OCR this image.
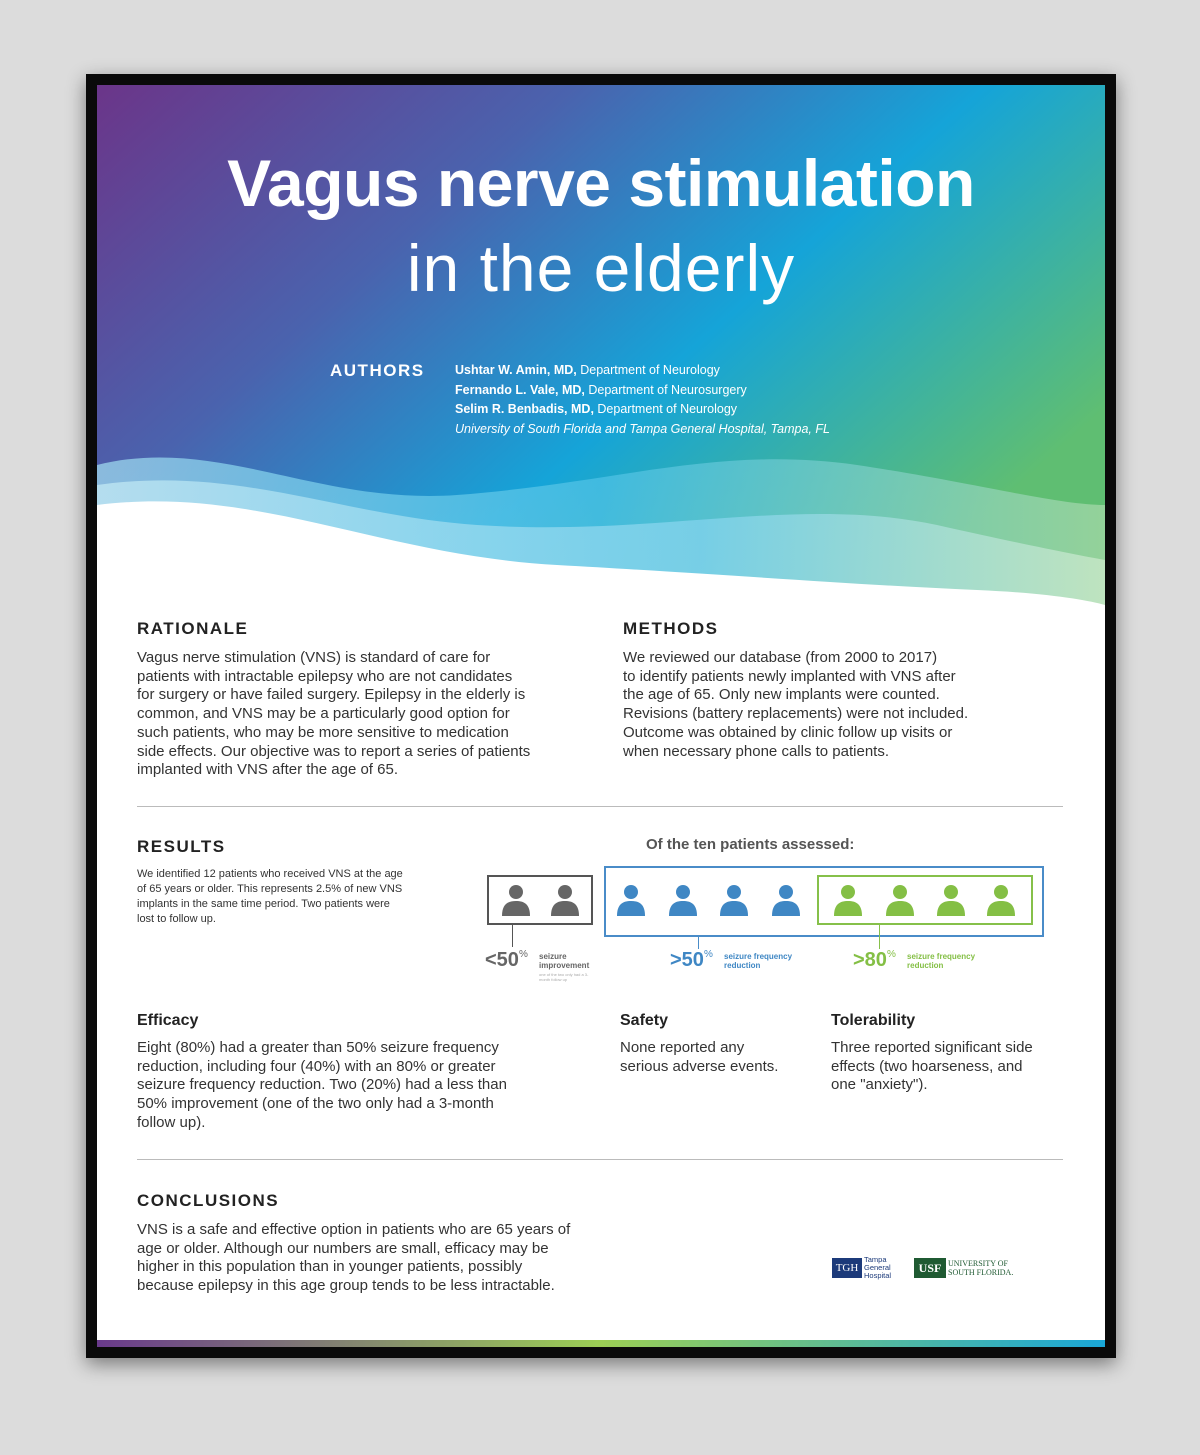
Vagus nerve stimulation
in the elderly
AUTHORS Ushtar W. Amin, MD, Department of Neurology
Fernando L. Vale, MD, Department of Neurosurgery
Selim R. Benbadis, MD, Department of Neurology
University of South Florida and Tampa General Hospital, Tampa, FL
RATIONALE
Vagus nerve stimulation (VNS) is standard of care for
patients with intractable epilepsy who are not candidates
for surgery or have failed surgery. Epilepsy in the elderly is
common, and VNS may be a particularly good option for
such patients, who may be more sensitive to medication
side effects. Our objective was to report a series of patients
implanted with VNS after the age of 65.
METHODS
We reviewed our database (from 2000 to 2017)
to identify patients newly implanted with VNS after
the age of 65. Only new implants were counted.
Revisions (battery replacements) were not included.
Outcome was obtained by clinic follow up visits or
when necessary phone calls to patients.
RESULTS
We identified 12 patients who received VNS at the age
of 65 years or older. This represents 2.5% of new VNS
implants in the same time period. Two patients were
lost to follow up.
Of the ten patients assessed:
<50% seizure
improvement
one of the two only had a 3-month follow up
>50% seizure frequency
reduction	>80% seizure frequency
reduction
Efficacy
Eight (80%) had a greater than 50% seizure frequency
reduction, including four (40%) with an 80% or greater
seizure frequency reduction. Two (20%) had a less than
50% improvement (one of the two only had a 3-month
follow up).
Safety
None reported any
serious adverse events.
Tolerability
Three reported significant side
effects (two hoarseness, and
one "anxiety").
CONCLUSIONS
VNS is a safe and effective option in patients who are 65 years of
age or older. Although our numbers are small, efficacy may be
higher in this population than in younger patients, possibly
because epilepsy in this age group tends to be less intractable.
TGH
Tampa
General
Hospital
USF UNIVERSITY OF
SOUTH FLORIDA.
